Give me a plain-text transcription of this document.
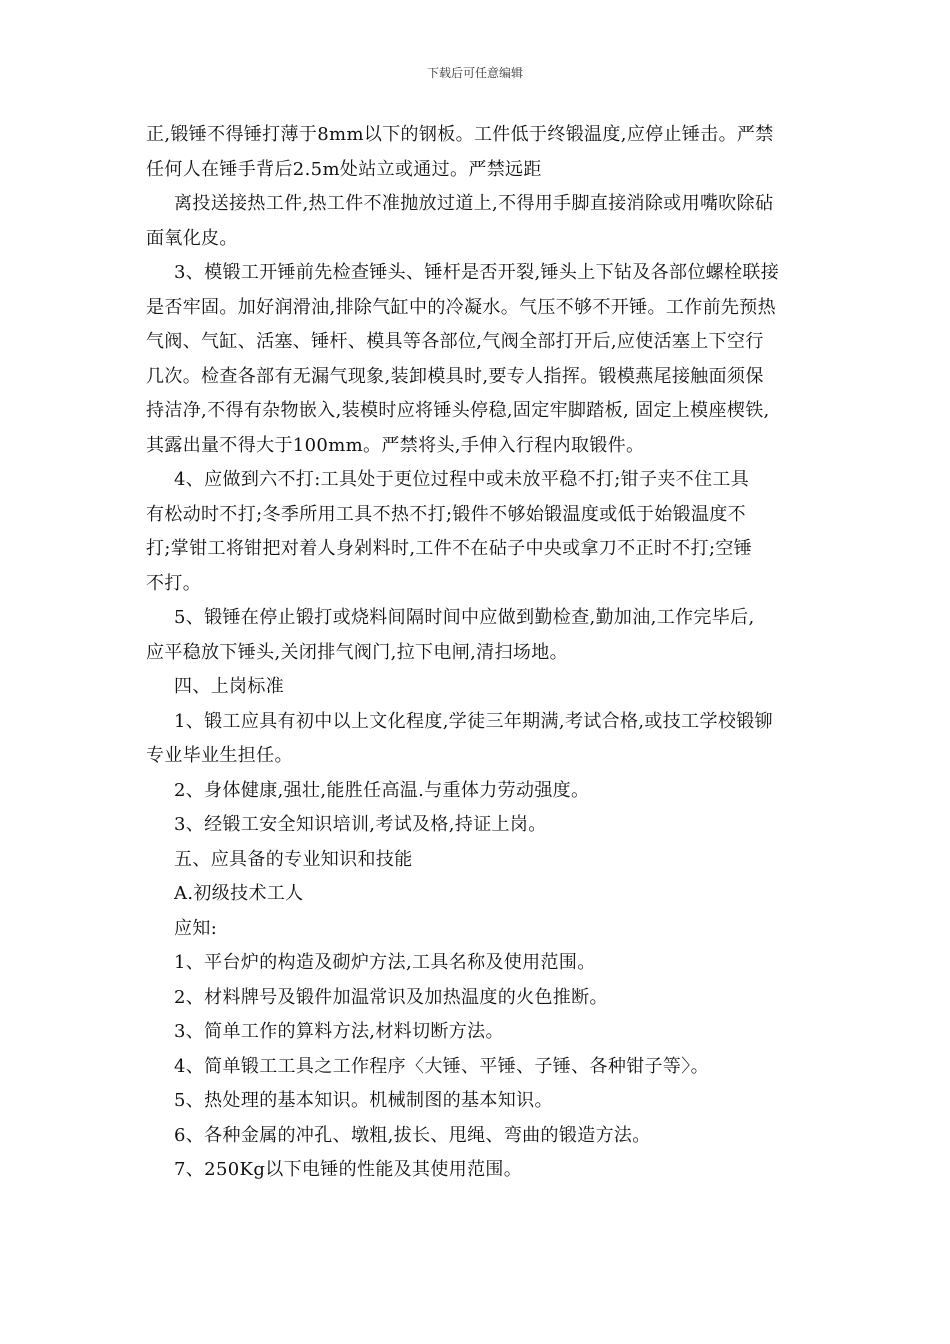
下载后可任意编辑
正,锻锤不得锤打薄于8mm以下的钢板。工件低于终锻温度,应停止锤击。严禁
任何人在锤手背后2.5m处站立或通过。严禁远距
离投送接热工件,热工件不准抛放过道上,不得用手脚直接消除或用嘴吹除砧
面氧化皮。
3、模锻工开锤前先检查锤头、锤杆是否开裂,锤头上下钻及各部位螺栓联接
是否牢固。加好润滑油,排除气缸中的冷凝水。气压不够不开锤。工作前先预热
气阀、气缸、活塞、锤杆、模具等各部位,气阀全部打开后,应使活塞上下空行
几次。检查各部有无漏气现象,装卸模具时,要专人指挥。锻模燕尾接触面须保
持洁净,不得有杂物嵌入,装模时应将锤头停稳,固定牢脚踏板, 固定上模座楔铁,
其露出量不得大于100mm。严禁将头,手伸入行程内取锻件。
4、应做到六不打:工具处于更位过程中或未放平稳不打;钳子夹不住工具
有松动时不打;冬季所用工具不热不打;锻件不够始锻温度或低于始锻温度不
打;掌钳工将钳把对着人身剁料时,工件不在砧子中央或拿刀不正时不打;空锤
不打。
5、锻锤在停止锻打或烧料间隔时间中应做到勤检查,勤加油,工作完毕后,
应平稳放下锤头,关闭排气阀门,拉下电闸,清扫场地。
四、上岗标准
1、锻工应具有初中以上文化程度,学徒三年期满,考试合格,或技工学校锻铆
专业毕业生担任。
2、身体健康,强壮,能胜任高温.与重体力劳动强度。
3、经锻工安全知识培训,考试及格,持证上岗。
五、应具备的专业知识和技能
A.初级技术工人
应知:
1、平台炉的构造及砌炉方法,工具名称及使用范围。
2、材料牌号及锻件加温常识及加热温度的火色推断。
3、简单工作的算料方法,材料切断方法。
4、简单锻工工具之工作程序〈大锤、平锤、子锤、各种钳子等〉。
5、热处理的基本知识。机械制图的基本知识。
6、各种金属的冲孔、墩粗,拔长、甩绳、弯曲的锻造方法。
7、250Kg以下电锤的性能及其使用范围。
